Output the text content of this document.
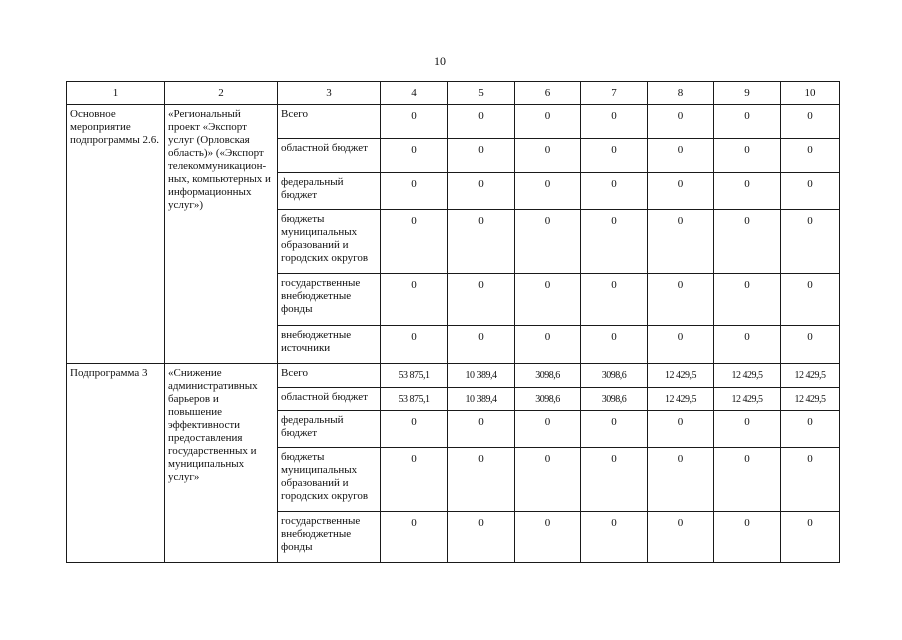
10
1	2	3	4	5	6	7	8	9	10
Основное мероприятие подпрограммы 2.6.	«Региональный проект «Экспорт услуг (Орловская область)» («Экспорт телекоммуникацион-ных, компьютерных и информационных услуг»)	Всего	0	0	0	0	0	0	0
		областной бюджет	0	0	0	0	0	0	0
		федеральный бюджет	0	0	0	0	0	0	0
		бюджеты муниципальных образований и городских округов	0	0	0	0	0	0	0
		государственные внебюджетные фонды	0	0	0	0	0	0	0
		внебюджетные источники	0	0	0	0	0	0	0
Подпрограмма 3	«Снижение административных барьеров и повышение эффективности предоставления государственных и муниципальных услуг»	Всего	53 875,1	10 389,4	3098,6	3098,6	12 429,5	12 429,5	12 429,5
		областной бюджет	53 875,1	10 389,4	3098,6	3098,6	12 429,5	12 429,5	12 429,5
		федеральный бюджет	0	0	0	0	0	0	0
		бюджеты муниципальных образований и городских округов	0	0	0	0	0	0	0
		государственные внебюджетные фонды	0	0	0	0	0	0	0
